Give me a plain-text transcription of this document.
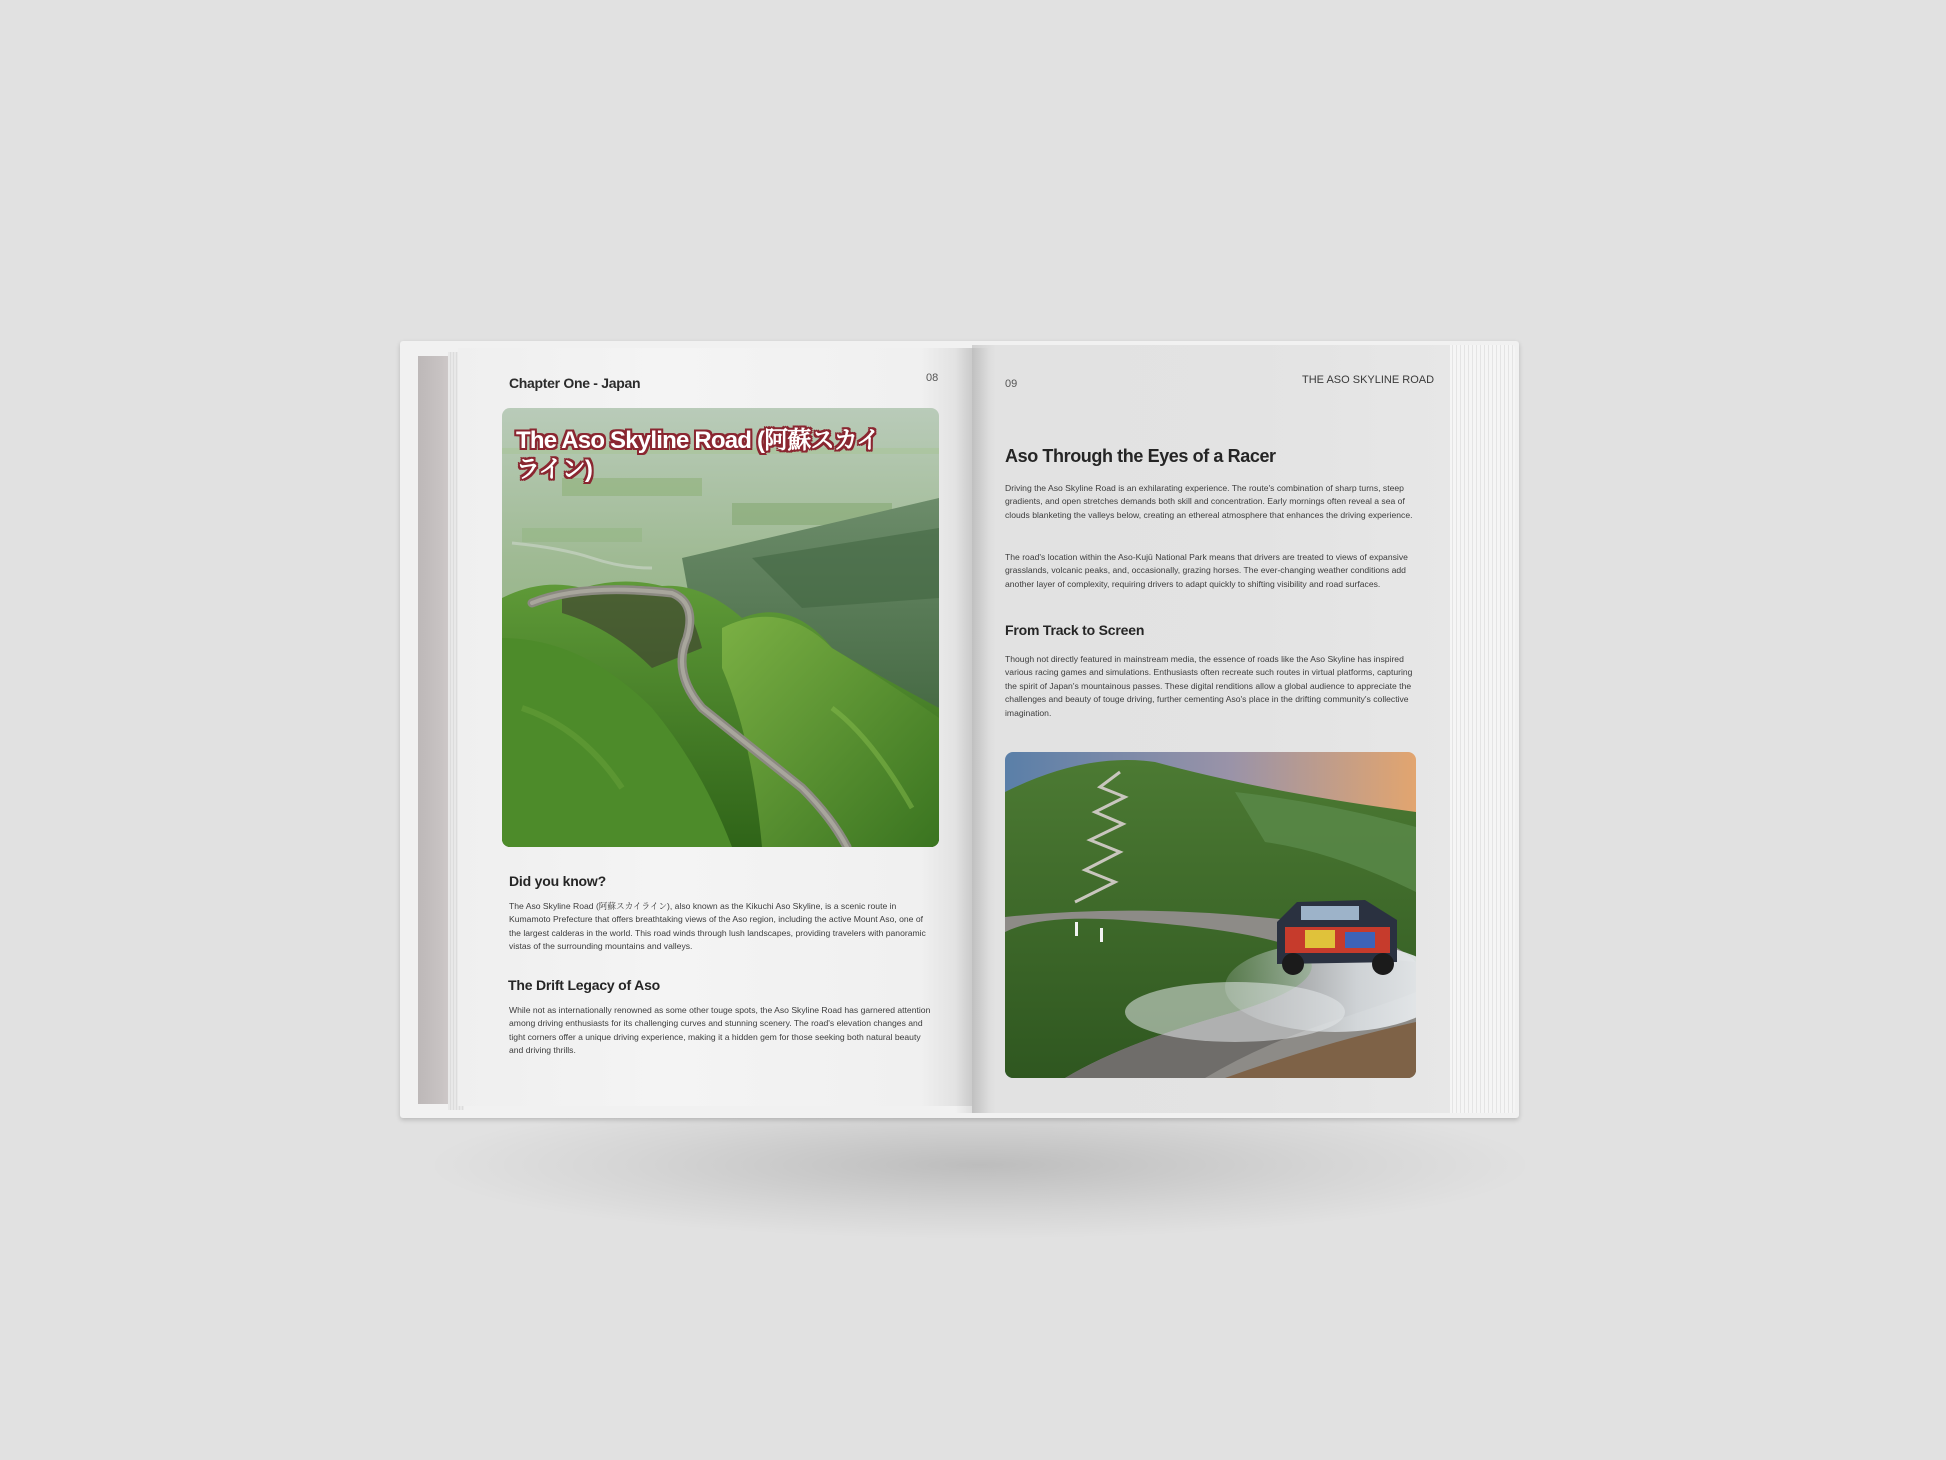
Chapter One - Japan	08
The Aso Skyline Road (阿蘇スカイライン)
Did you know?

The Aso Skyline Road (阿蘇スカイライン), also known as the Kikuchi Aso Skyline, is a scenic route in Kumamoto Prefecture that offers breathtaking views of the Aso region, including the active Mount Aso, one of the largest calderas in the world. This road winds through lush landscapes, providing travelers with panoramic vistas of the surrounding mountains and valleys.

The Drift Legacy of Aso

While not as internationally renowned as some other touge spots, the Aso Skyline Road has garnered attention among driving enthusiasts for its challenging curves and stunning scenery. The road's elevation changes and tight corners offer a unique driving experience, making it a hidden gem for those seeking both natural beauty and driving thrills.

09	THE ASO SKYLINE ROAD
Aso Through the Eyes of a Racer

Driving the Aso Skyline Road is an exhilarating experience. The route's combination of sharp turns, steep gradients, and open stretches demands both skill and concentration. Early mornings often reveal a sea of clouds blanketing the valleys below, creating an ethereal atmosphere that enhances the driving experience.

The road's location within the Aso-Kujū National Park means that drivers are treated to views of expansive grasslands, volcanic peaks, and, occasionally, grazing horses. The ever-changing weather conditions add another layer of complexity, requiring drivers to adapt quickly to shifting visibility and road surfaces.

From Track to Screen

Though not directly featured in mainstream media, the essence of roads like the Aso Skyline has inspired various racing games and simulations. Enthusiasts often recreate such routes in virtual platforms, capturing the spirit of Japan's mountainous passes. These digital renditions allow a global audience to appreciate the challenges and beauty of touge driving, further cementing Aso's place in the drifting community's collective imagination.
